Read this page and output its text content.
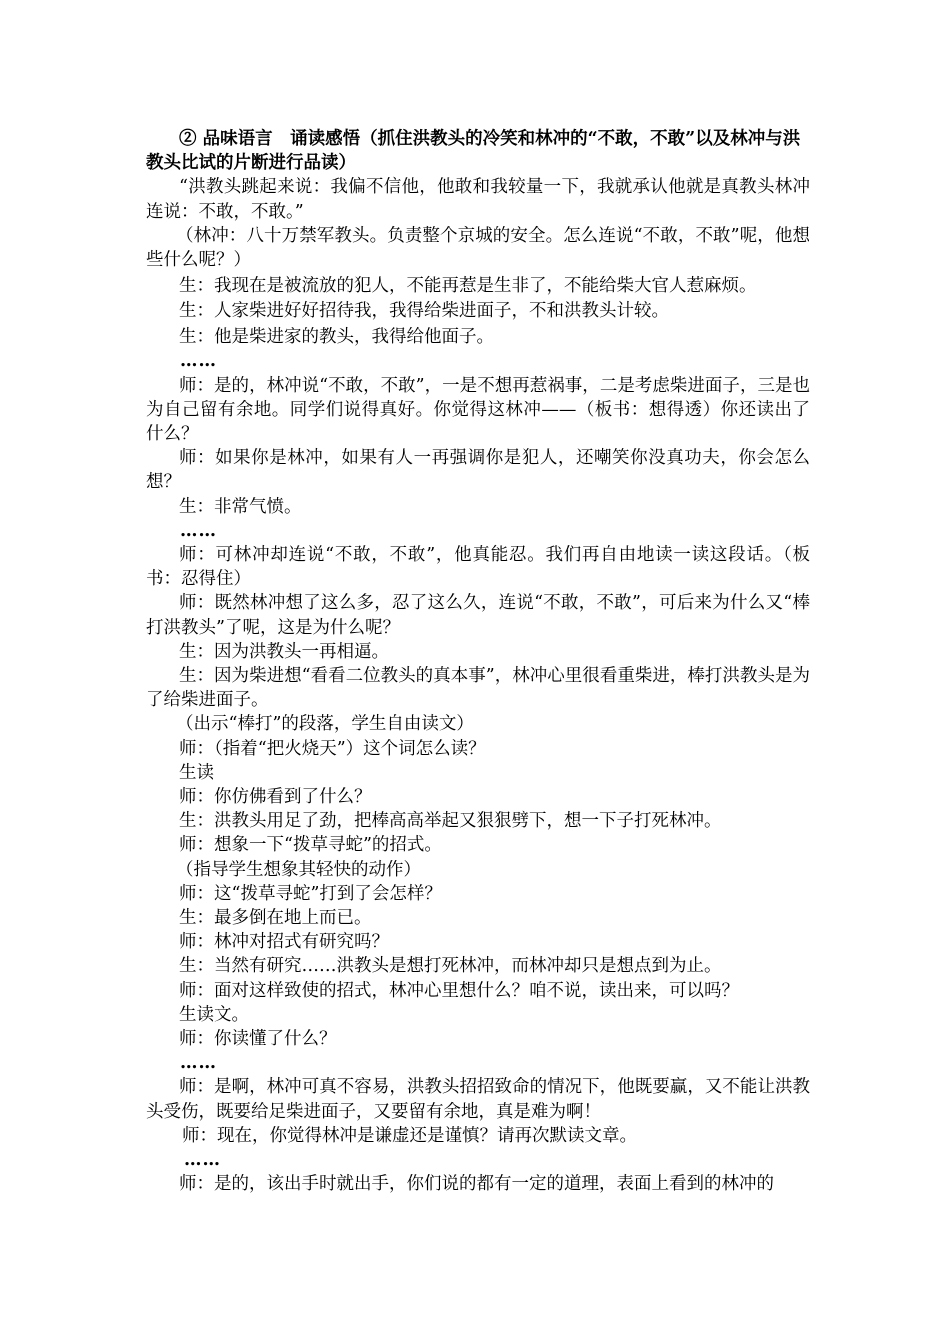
② 品味语言　诵读感悟（抓住洪教头的冷笑和林冲的“不敢，不敢”以及林冲与洪教头比试的片断进行品读）

“洪教头跳起来说：我偏不信他，他敢和我较量一下，我就承认他就是真教头林冲连说：不敢，不敢。”

（林冲：八十万禁军教头。负责整个京城的安全。怎么连说“不敢，不敢”呢，他想些什么呢？）

生：我现在是被流放的犯人，不能再惹是生非了，不能给柴大官人惹麻烦。

生：人家柴进好好招待我，我得给柴进面子，不和洪教头计较。

生：他是柴进家的教头，我得给他面子。

……

师：是的，林冲说“不敢，不敢”，一是不想再惹祸事，二是考虑柴进面子，三是也为自己留有余地。同学们说得真好。你觉得这林冲——（板书：想得透）你还读出了什么？

师：如果你是林冲，如果有人一再强调你是犯人，还嘲笑你没真功夫，你会怎么想？

生：非常气愤。

……

师：可林冲却连说“不敢，不敢”，他真能忍。我们再自由地读一读这段话。（板书：忍得住）

师：既然林冲想了这么多，忍了这么久，连说“不敢，不敢”，可后来为什么又“棒打洪教头”了呢，这是为什么呢？

生：因为洪教头一再相逼。

生：因为柴进想“看看二位教头的真本事”，林冲心里很看重柴进，棒打洪教头是为了给柴进面子。

（出示“棒打”的段落，学生自由读文）

师：（指着“把火烧天”）这个词怎么读？

生读

师：你仿佛看到了什么？

生：洪教头用足了劲，把棒高高举起又狠狠劈下，想一下子打死林冲。

师：想象一下“拨草寻蛇”的招式。

（指导学生想象其轻快的动作）

师：这“拨草寻蛇”打到了会怎样？

生：最多倒在地上而已。

师：林冲对招式有研究吗？

生：当然有研究……洪教头是想打死林冲，而林冲却只是想点到为止。

师：面对这样致使的招式，林冲心里想什么？咱不说，读出来，可以吗？

生读文。

师：你读懂了什么？

……

师：是啊，林冲可真不容易，洪教头招招致命的情况下，他既要赢，又不能让洪教头受伤，既要给足柴进面子，又要留有余地，真是难为啊！

师：现在，你觉得林冲是谦虚还是谨慎？请再次默读文章。

……

师：是的，该出手时就出手，你们说的都有一定的道理，表面上看到的林冲的
